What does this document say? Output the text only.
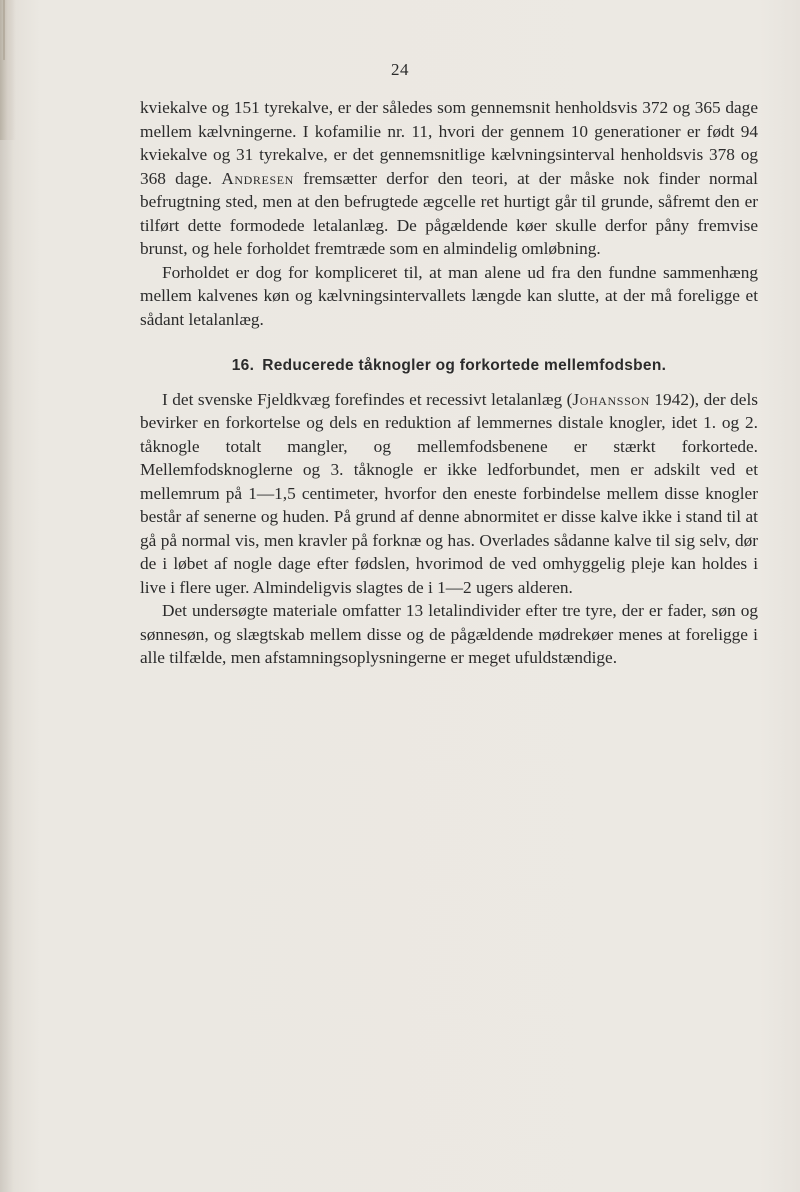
24

kviekalve og 151 tyrekalve, er der således som gennemsnit henholdsvis 372 og 365 dage mellem kælvningerne. I kofamilie nr. 11, hvori der gennem 10 generationer er født 94 kviekalve og 31 tyrekalve, er det gennemsnitlige kælvningsinterval henholdsvis 378 og 368 dage. Andresen fremsætter derfor den teori, at der måske nok finder normal befrugtning sted, men at den befrugtede ægcelle ret hurtigt går til grunde, såfremt den er tilført dette formodede letalanlæg. De pågældende køer skulle derfor påny fremvise brunst, og hele forholdet fremtræde som en almindelig omløbning.

Forholdet er dog for kompliceret til, at man alene ud fra den fundne sammenhæng mellem kalvenes køn og kælvningsintervallets længde kan slutte, at der må foreligge et sådant letalanlæg.

16. Reducerede tåknogler og forkortede mellemfodsben.

I det svenske Fjeldkvæg forefindes et recessivt letalanlæg (Johansson 1942), der dels bevirker en forkortelse og dels en reduktion af lemmernes distale knogler, idet 1. og 2. tåknogle totalt mangler, og mellemfodsbenene er stærkt forkortede. Mellemfodsknoglerne og 3. tåknogle er ikke ledforbundet, men er adskilt ved et mellemrum på 1—1,5 centimeter, hvorfor den eneste forbindelse mellem disse knogler består af senerne og huden. På grund af denne abnormitet er disse kalve ikke i stand til at gå på normal vis, men kravler på forknæ og has. Overlades sådanne kalve til sig selv, dør de i løbet af nogle dage efter fødslen, hvorimod de ved omhyggelig pleje kan holdes i live i flere uger. Almindeligvis slagtes de i 1—2 ugers alderen.

Det undersøgte materiale omfatter 13 letalindivider efter tre tyre, der er fader, søn og sønnesøn, og slægtskab mellem disse og de pågældende mødrekøer menes at foreligge i alle tilfælde, men afstamningsoplysningerne er meget ufuldstændige.
